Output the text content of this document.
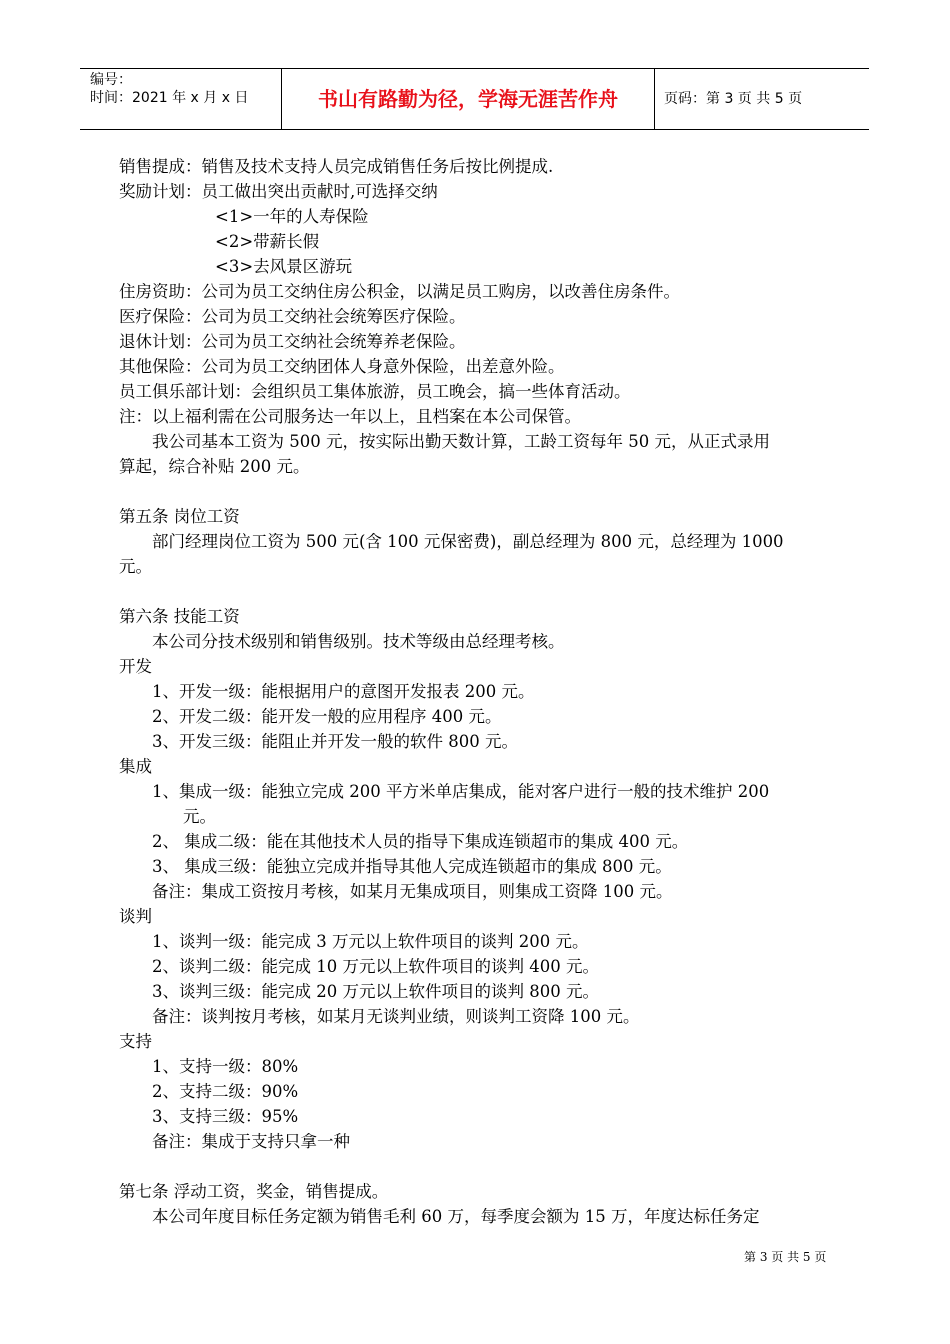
编号：
时间：2021 年 x 月 x 日	书山有路勤为径，学海无涯苦作舟	页码：第 3 页 共 5 页
销售提成：销售及技术支持人员完成销售任务后按比例提成.
奖励计划：员工做出突出贡献时,可选择交纳
<1>一年的人寿保险
<2>带薪长假
<3>去风景区游玩
住房资助：公司为员工交纳住房公积金，以满足员工购房，以改善住房条件。
医疗保险：公司为员工交纳社会统筹医疗保险。
退休计划：公司为员工交纳社会统筹养老保险。
其他保险：公司为员工交纳团体人身意外保险，出差意外险。
员工俱乐部计划：会组织员工集体旅游，员工晚会，搞一些体育活动。
注：以上福利需在公司服务达一年以上，且档案在本公司保管。
我公司基本工资为 500 元，按实际出勤天数计算，工龄工资每年 50 元，从正式录用
算起，综合补贴 200 元。
第五条 岗位工资
部门经理岗位工资为 500 元(含 100 元保密费)，副总经理为 800 元，总经理为 1000
元。
第六条 技能工资
本公司分技术级别和销售级别。技术等级由总经理考核。
开发
1、开发一级：能根据用户的意图开发报表 200 元。
2、开发二级：能开发一般的应用程序 400 元。
3、开发三级：能阻止并开发一般的软件 800 元。
集成
1、集成一级：能独立完成 200 平方米单店集成，能对客户进行一般的技术维护 200
元。
2、 集成二级：能在其他技术人员的指导下集成连锁超市的集成 400 元。
3、 集成三级：能独立完成并指导其他人完成连锁超市的集成 800 元。
备注：集成工资按月考核，如某月无集成项目，则集成工资降 100 元。
谈判
1、谈判一级：能完成 3 万元以上软件项目的谈判 200 元。
2、谈判二级：能完成 10 万元以上软件项目的谈判 400 元。
3、谈判三级：能完成 20 万元以上软件项目的谈判 800 元。
备注：谈判按月考核，如某月无谈判业绩，则谈判工资降 100 元。
支持
1、支持一级：80%
2、支持二级：90%
3、支持三级：95%
备注：集成于支持只拿一种
第七条 浮动工资，奖金，销售提成。
本公司年度目标任务定额为销售毛利 60 万，每季度会额为 15 万，年度达标任务定
第 3 页 共 5 页
